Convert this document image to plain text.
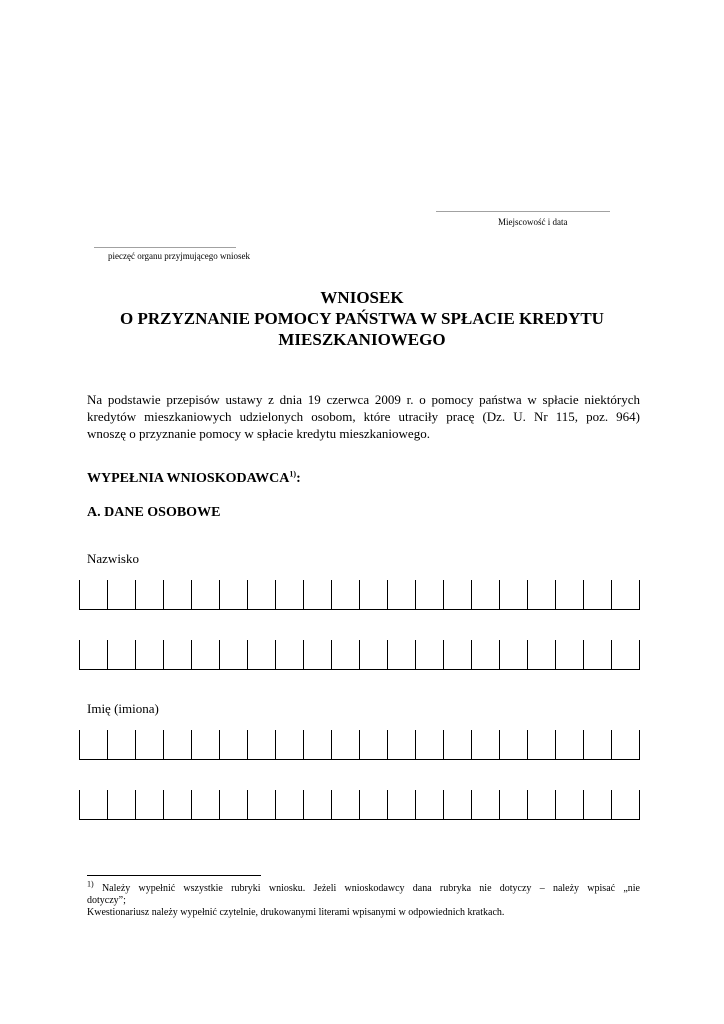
.......................................................................................
Miejscowość i data
.......................................................................
pieczęć organu przyjmującego wniosek
WNIOSEK
O PRZYZNANIE POMOCY PAŃSTWA W SPŁACIE KREDYTU
MIESZKANIOWEGO
Na podstawie przepisów ustawy z dnia 19 czerwca 2009 r. o pomocy państwa w spłacie niektórych
kredytów mieszkaniowych udzielonych osobom, które utraciły pracę (Dz. U. Nr 115, poz. 964)
wnoszę o przyznanie pomocy w spłacie kredytu mieszkaniowego.
WYPEŁNIA WNIOSKODAWCA$^{1)}$:
A. DANE OSOBOWE
Nazwisko
Imię (imiona)
$^{1)}$ Należy wypełnić wszystkie rubryki wniosku. Jeżeli wnioskodawcy dana rubryka nie dotyczy – należy wpisać „nie
dotyczy”;
Kwestionariusz należy wypełnić czytelnie, drukowanymi literami wpisanymi w odpowiednich kratkach.
